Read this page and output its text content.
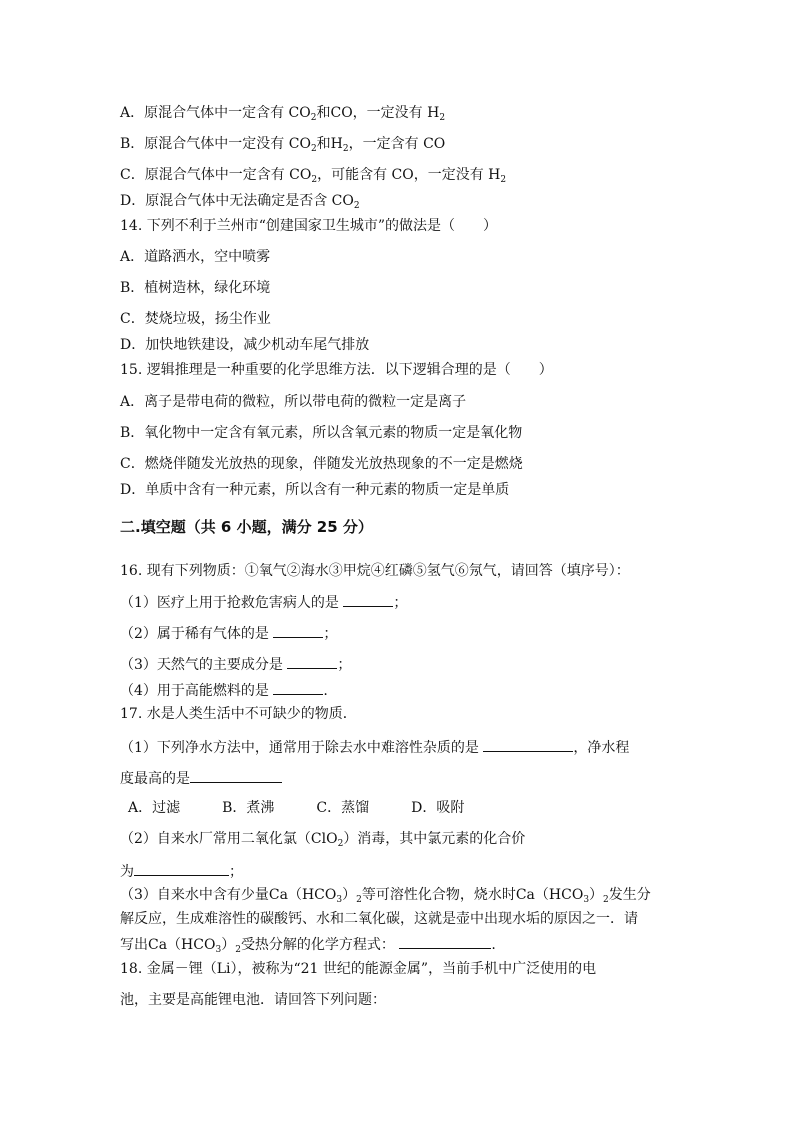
A．原混合气体中一定含有 $CO_2$和CO，一定没有 $H_2$
B．原混合气体中一定没有 $CO_2$和$H_2$，一定含有 CO
C．原混合气体中一定含有 $CO_2$，可能含有 CO，一定没有 $H_2$
D．原混合气体中无法确定是否含 $CO_2$
14. 下列不利于兰州市“创建国家卫生城市”的做法是（　　）
A．道路洒水，空中喷雾
B．植树造林，绿化环境
C．焚烧垃圾，扬尘作业
D．加快地铁建设，减少机动车尾气排放
15. 逻辑推理是一种重要的化学思维方法．以下逻辑合理的是（　　）
A．离子是带电荷的微粒，所以带电荷的微粒一定是离子
B．氧化物中一定含有氧元素，所以含氧元素的物质一定是氧化物
C．燃烧伴随发光放热的现象，伴随发光放热现象的不一定是燃烧
D．单质中含有一种元素，所以含有一种元素的物质一定是单质
二.填空题（共 6 小题，满分 25 分）
16. 现有下列物质：①氧气②海水③甲烷④红磷⑤氢气⑥氖气，请回答（填序号）：
（1）医疗上用于抢救危害病人的是	；
（2）属于稀有气体的是	；
（3）天然气的主要成分是	；
（4）用于高能燃料的是	.
17. 水是人类生活中不可缺少的物质．
（1）下列净水方法中，通常用于除去水中难溶性杂质的是	，净水程
度最高的是
A．过滤　　　B．煮沸　　　C．蒸馏　　　D．吸附
（2）自来水厂常用二氧化氯（ClO$_2$）消毒，其中氯元素的化合价
为	；
（3）自来水中含有少量$Ca(HCO_3)_2$等可溶性化合物，烧水时$Ca(HCO_3)_2$发生分
解反应，生成难溶性的碳酸钙、水和二氧化碳，这就是壶中出现水垢的原因之一．请
写出$Ca(HCO_3)_2$受热分解的化学方程式：	.
18. 金属－锂（Li），被称为“21 世纪的能源金属”，当前手机中广泛使用的电
池，主要是高能锂电池．请回答下列问题：
